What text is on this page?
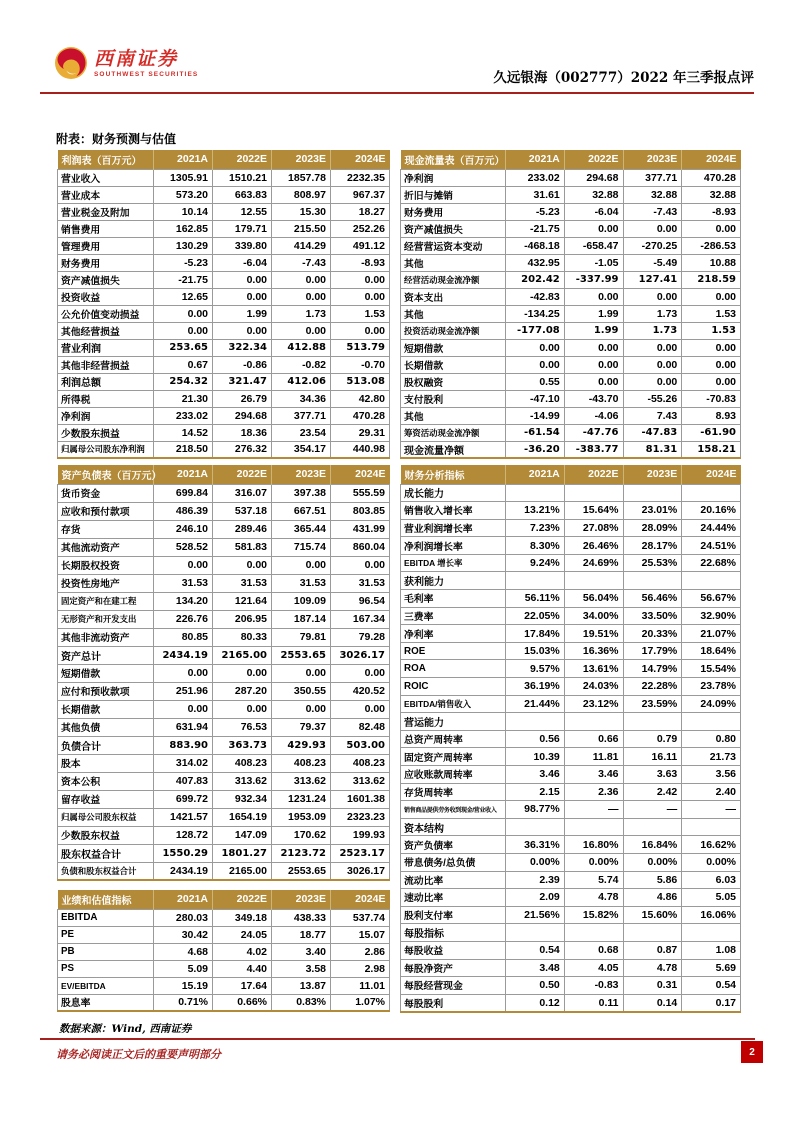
西南证券
SOUTHWEST SECURITIES	久远银海（002777）2022 年三季报点评
附表：财务预测与估值
利润表（百万元）	2021A	2022E	2023E	2024E
营业收入	1305.91	1510.21	1857.78	2232.35
营业成本	573.20	663.83	808.97	967.37
营业税金及附加	10.14	12.55	15.30	18.27
销售费用	162.85	179.71	215.50	252.26
管理费用	130.29	339.80	414.29	491.12
财务费用	-5.23	-6.04	-7.43	-8.93
资产减值损失	-21.75	0.00	0.00	0.00
投资收益	12.65	0.00	0.00	0.00
公允价值变动损益	0.00	1.99	1.73	1.53
其他经营损益	0.00	0.00	0.00	0.00
营业利润	253.65	322.34	412.88	513.79
其他非经营损益	0.67	-0.86	-0.82	-0.70
利润总额	254.32	321.47	412.06	513.08
所得税	21.30	26.79	34.36	42.80
净利润	233.02	294.68	377.71	470.28
少数股东损益	14.52	18.36	23.54	29.31
归属母公司股东净利润	218.50	276.32	354.17	440.98
资产负债表（百万元）	2021A	2022E	2023E	2024E
货币资金	699.84	316.07	397.38	555.59
应收和预付款项	486.39	537.18	667.51	803.85
存货	246.10	289.46	365.44	431.99
其他流动资产	528.52	581.83	715.74	860.04
长期股权投资	0.00	0.00	0.00	0.00
投资性房地产	31.53	31.53	31.53	31.53
固定资产和在建工程	134.20	121.64	109.09	96.54
无形资产和开发支出	226.76	206.95	187.14	167.34
其他非流动资产	80.85	80.33	79.81	79.28
资产总计	2434.19	2165.00	2553.65	3026.17
短期借款	0.00	0.00	0.00	0.00
应付和预收款项	251.96	287.20	350.55	420.52
长期借款	0.00	0.00	0.00	0.00
其他负债	631.94	76.53	79.37	82.48
负债合计	883.90	363.73	429.93	503.00
股本	314.02	408.23	408.23	408.23
资本公积	407.83	313.62	313.62	313.62
留存收益	699.72	932.34	1231.24	1601.38
归属母公司股东权益	1421.57	1654.19	1953.09	2323.23
少数股东权益	128.72	147.09	170.62	199.93
股东权益合计	1550.29	1801.27	2123.72	2523.17
负债和股东权益合计	2434.19	2165.00	2553.65	3026.17
业绩和估值指标	2021A	2022E	2023E	2024E
EBITDA	280.03	349.18	438.33	537.74
PE	30.42	24.05	18.77	15.07
PB	4.68	4.02	3.40	2.86
PS	5.09	4.40	3.58	2.98
EV/EBITDA	15.19	17.64	13.87	11.01
股息率	0.71%	0.66%	0.83%	1.07%
数据来源：Wind, 西南证券
现金流量表（百万元）	2021A	2022E	2023E	2024E
净利润	233.02	294.68	377.71	470.28
折旧与摊销	31.61	32.88	32.88	32.88
财务费用	-5.23	-6.04	-7.43	-8.93
资产减值损失	-21.75	0.00	0.00	0.00
经营营运资本变动	-468.18	-658.47	-270.25	-286.53
其他	432.95	-1.05	-5.49	10.88
经营活动现金流净额	202.42	-337.99	127.41	218.59
资本支出	-42.83	0.00	0.00	0.00
其他	-134.25	1.99	1.73	1.53
投资活动现金流净额	-177.08	1.99	1.73	1.53
短期借款	0.00	0.00	0.00	0.00
长期借款	0.00	0.00	0.00	0.00
股权融资	0.55	0.00	0.00	0.00
支付股利	-47.10	-43.70	-55.26	-70.83
其他	-14.99	-4.06	7.43	8.93
筹资活动现金流净额	-61.54	-47.76	-47.83	-61.90
现金流量净额	-36.20	-383.77	81.31	158.21
财务分析指标	2021A	2022E	2023E	2024E
成长能力				
销售收入增长率	13.21%	15.64%	23.01%	20.16%
营业利润增长率	7.23%	27.08%	28.09%	24.44%
净利润增长率	8.30%	26.46%	28.17%	24.51%
EBITDA 增长率	9.24%	24.69%	25.53%	22.68%
获利能力				
毛利率	56.11%	56.04%	56.46%	56.67%
三费率	22.05%	34.00%	33.50%	32.90%
净利率	17.84%	19.51%	20.33%	21.07%
ROE	15.03%	16.36%	17.79%	18.64%
ROA	9.57%	13.61%	14.79%	15.54%
ROIC	36.19%	24.03%	22.28%	23.78%
EBITDA/销售收入	21.44%	23.12%	23.59%	24.09%
营运能力				
总资产周转率	0.56	0.66	0.79	0.80
固定资产周转率	10.39	11.81	16.11	21.73
应收账款周转率	3.46	3.46	3.63	3.56
存货周转率	2.15	2.36	2.42	2.40
销售商品提供劳务收到现金/营业收入	98.77%	—	—	—
资本结构				
资产负债率	36.31%	16.80%	16.84%	16.62%
带息债务/总负债	0.00%	0.00%	0.00%	0.00%
流动比率	2.39	5.74	5.86	6.03
速动比率	2.09	4.78	4.86	5.05
股利支付率	21.56%	15.82%	15.60%	16.06%
每股指标				
每股收益	0.54	0.68	0.87	1.08
每股净资产	3.48	4.05	4.78	5.69
每股经营现金	0.50	-0.83	0.31	0.54
每股股利	0.12	0.11	0.14	0.17
请务必阅读正文后的重要声明部分	2
